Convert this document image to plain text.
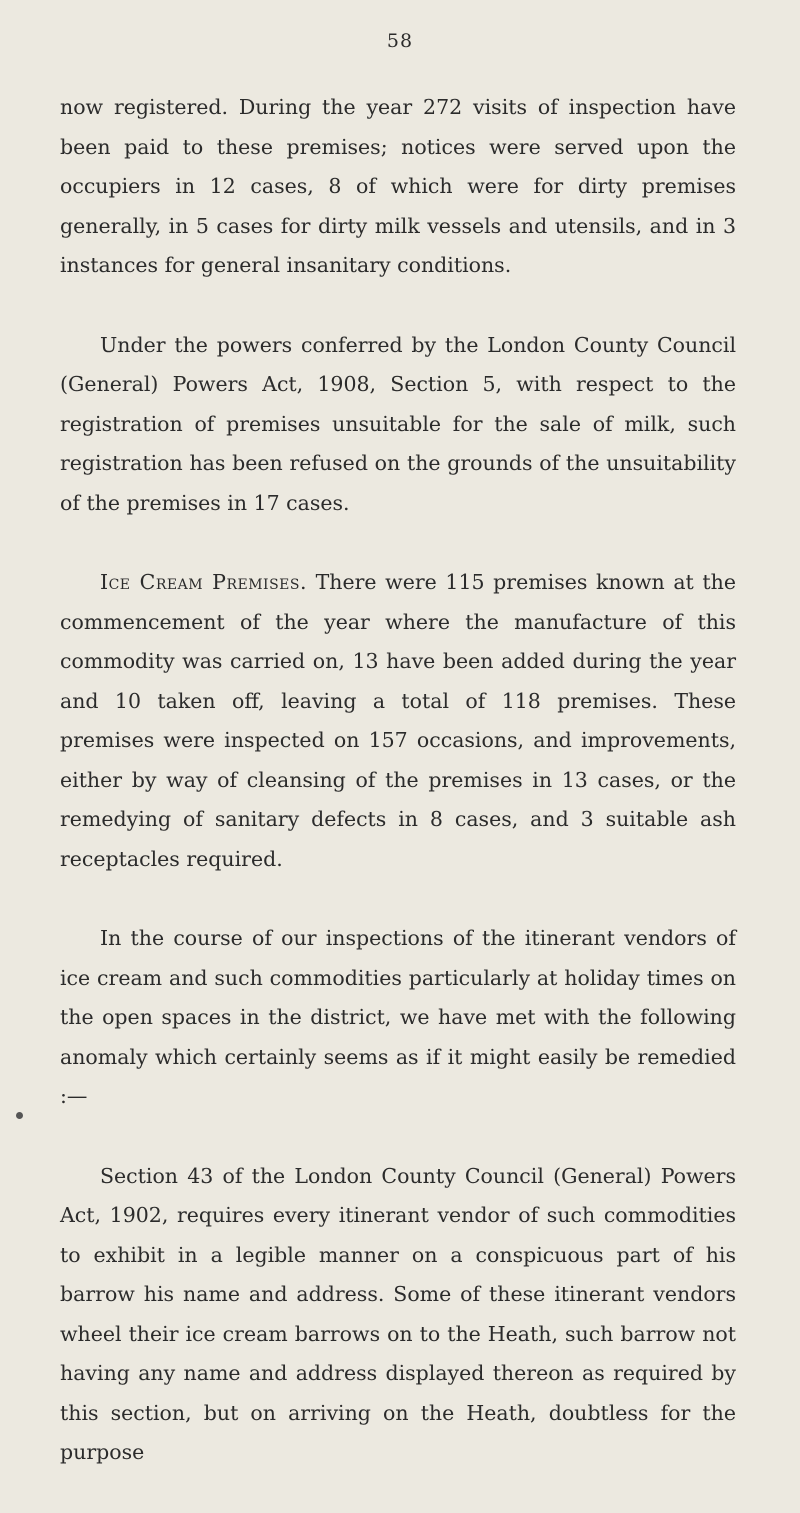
58

now registered. During the year 272 visits of inspection have been paid to these premises; notices were served upon the occupiers in 12 cases, 8 of which were for dirty premises generally, in 5 cases for dirty milk vessels and utensils, and in 3 instances for general insanitary conditions.

Under the powers conferred by the London County Council (General) Powers Act, 1908, Section 5, with respect to the registration of premises unsuitable for the sale of milk, such registration has been refused on the grounds of the unsuitability of the premises in 17 cases.

Ice Cream Premises. There were 115 premises known at the commencement of the year where the manufacture of this commodity was carried on, 13 have been added during the year and 10 taken off, leaving a total of 118 premises. These premises were inspected on 157 occasions, and improvements, either by way of cleansing of the premises in 13 cases, or the remedying of sanitary defects in 8 cases, and 3 suitable ash receptacles required.

In the course of our inspections of the itinerant vendors of ice cream and such commodities particularly at holiday times on the open spaces in the district, we have met with the following anomaly which certainly seems as if it might easily be remedied :—

Section 43 of the London County Council (General) Powers Act, 1902, requires every itinerant vendor of such commodities to exhibit in a legible manner on a conspicuous part of his barrow his name and address. Some of these itinerant vendors wheel their ice cream barrows on to the Heath, such barrow not having any name and address displayed thereon as required by this section, but on arriving on the Heath, doubtless for the purpose
